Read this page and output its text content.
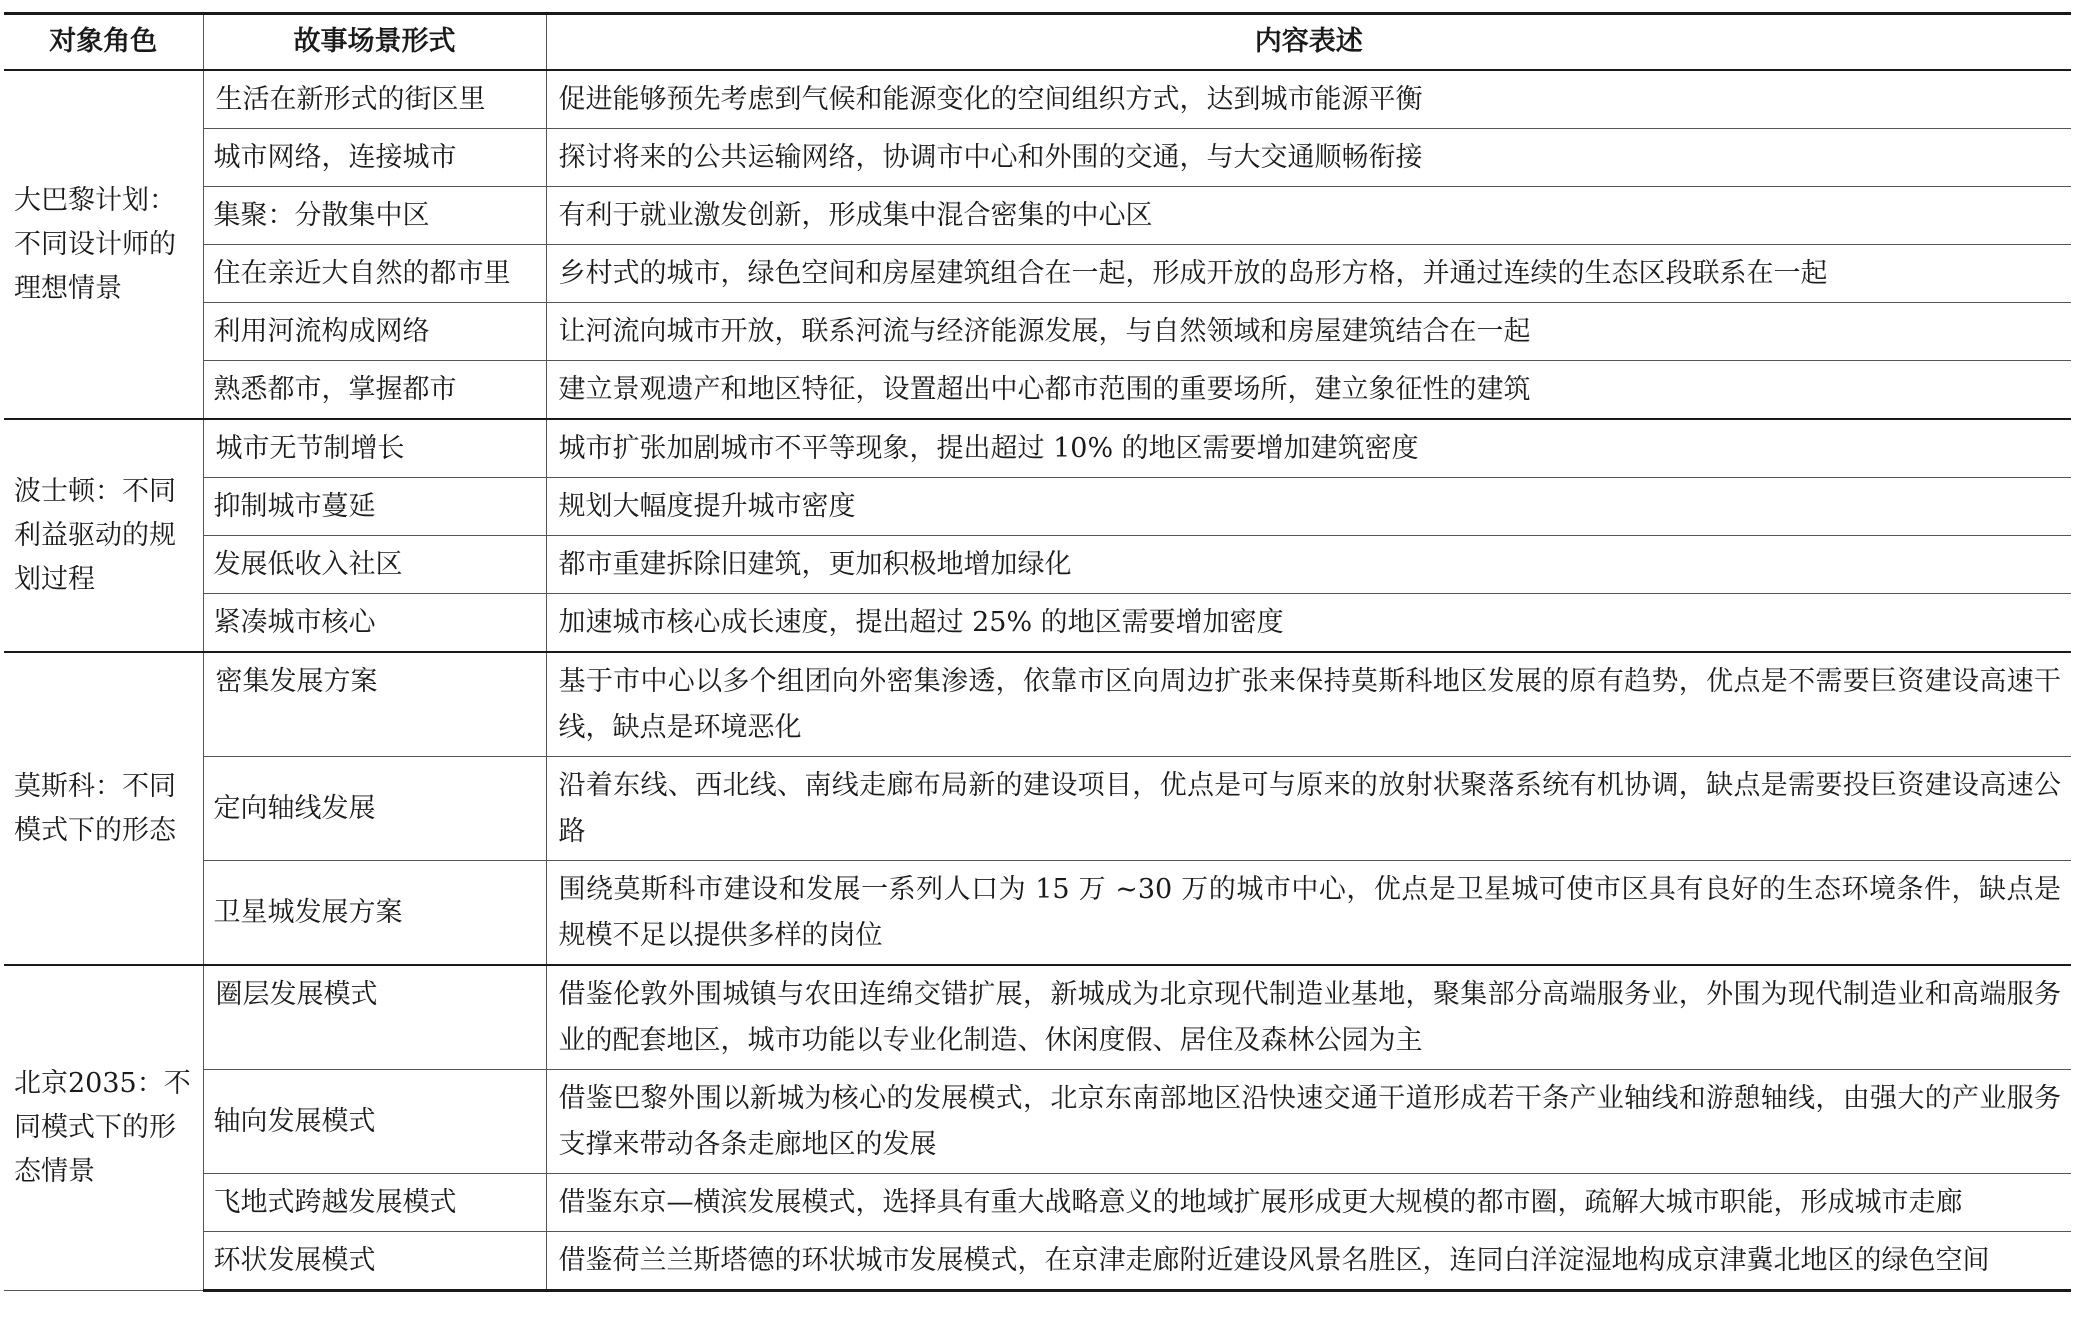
对象角色	故事场景形式	内容表述
大巴黎计划：不同设计师的理想情景	生活在新形式的街区里	促进能够预先考虑到气候和能源变化的空间组织方式，达到城市能源平衡
	城市网络，连接城市	探讨将来的公共运输网络，协调市中心和外围的交通，与大交通顺畅衔接
	集聚：分散集中区	有利于就业激发创新，形成集中混合密集的中心区
	住在亲近大自然的都市里	乡村式的城市，绿色空间和房屋建筑组合在一起，形成开放的岛形方格，并通过连续的生态区段联系在一起
	利用河流构成网络	让河流向城市开放，联系河流与经济能源发展，与自然领域和房屋建筑结合在一起
	熟悉都市，掌握都市	建立景观遗产和地区特征，设置超出中心都市范围的重要场所，建立象征性的建筑
波士顿：不同利益驱动的规划过程	城市无节制增长	城市扩张加剧城市不平等现象，提出超过 10% 的地区需要增加建筑密度
	抑制城市蔓延	规划大幅度提升城市密度
	发展低收入社区	都市重建拆除旧建筑，更加积极地增加绿化
	紧凑城市核心	加速城市核心成长速度，提出超过 25% 的地区需要增加密度
莫斯科：不同模式下的形态	密集发展方案	基于市中心以多个组团向外密集渗透，依靠市区向周边扩张来保持莫斯科地区发展的原有趋势，优点是不需要巨资建设高速干线，缺点是环境恶化
	定向轴线发展	沿着东线、西北线、南线走廊布局新的建设项目，优点是可与原来的放射状聚落系统有机协调，缺点是需要投巨资建设高速公路
	卫星城发展方案	围绕莫斯科市建设和发展一系列人口为 15 万 ~30 万的城市中心，优点是卫星城可使市区具有良好的生态环境条件，缺点是规模不足以提供多样的岗位
北京2035：不同模式下的形态情景	圈层发展模式	借鉴伦敦外围城镇与农田连绵交错扩展，新城成为北京现代制造业基地，聚集部分高端服务业，外围为现代制造业和高端服务业的配套地区，城市功能以专业化制造、休闲度假、居住及森林公园为主
	轴向发展模式	借鉴巴黎外围以新城为核心的发展模式，北京东南部地区沿快速交通干道形成若干条产业轴线和游憩轴线，由强大的产业服务支撑来带动各条走廊地区的发展
	飞地式跨越发展模式	借鉴东京—横滨发展模式，选择具有重大战略意义的地域扩展形成更大规模的都市圈，疏解大城市职能，形成城市走廊
	环状发展模式	借鉴荷兰兰斯塔德的环状城市发展模式，在京津走廊附近建设风景名胜区，连同白洋淀湿地构成京津冀北地区的绿色空间
